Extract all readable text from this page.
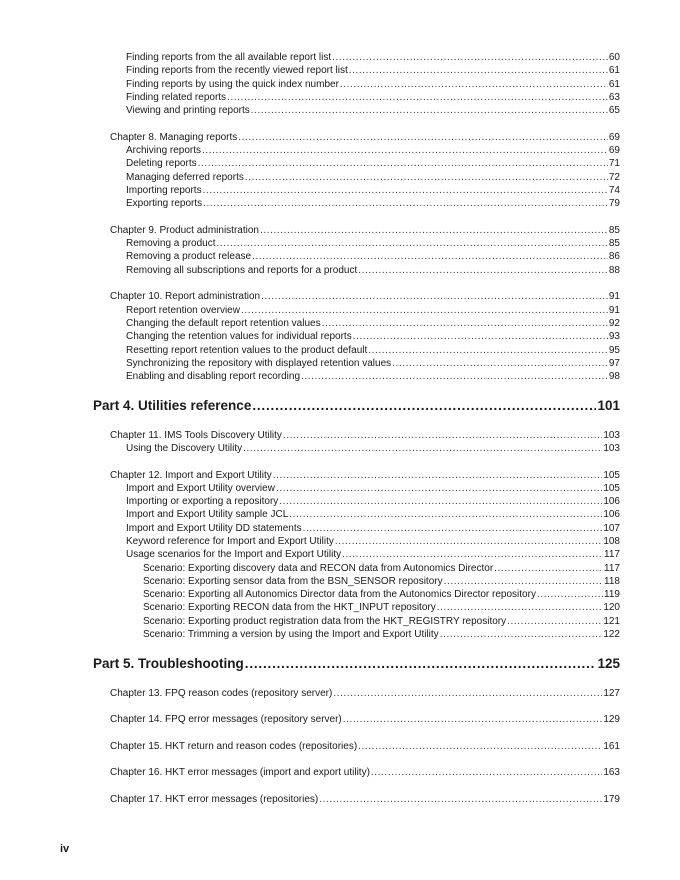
Finding reports from the all available report list .....	60
Finding reports from the recently viewed report list .....	61
Finding reports by using the quick index number .....	61
Finding related reports .....	63
Viewing and printing reports .....	65
Chapter 8. Managing reports .....	69
Archiving reports .....	69
Deleting reports .....	71
Managing deferred reports .....	72
Importing reports .....	74
Exporting reports .....	79
Chapter 9. Product administration .....	85
Removing a product .....	85
Removing a product release .....	86
Removing all subscriptions and reports for a product .....	88
Chapter 10. Report administration .....	91
Report retention overview .....	91
Changing the default report retention values .....	92
Changing the retention values for individual reports .....	93
Resetting report retention values to the product default .....	95
Synchronizing the repository with displayed retention values .....	97
Enabling and disabling report recording .....	98
Part 4. Utilities reference .....	101
Chapter 11. IMS Tools Discovery Utility .....	103
Using the Discovery Utility .....	103
Chapter 12. Import and Export Utility .....	105
Import and Export Utility overview .....	105
Importing or exporting a repository .....	106
Import and Export Utility sample JCL .....	106
Import and Export Utility DD statements .....	107
Keyword reference for Import and Export Utility .....	108
Usage scenarios for the Import and Export Utility .....	117
Scenario: Exporting discovery data and RECON data from Autonomics Director .....	117
Scenario: Exporting sensor data from the BSN_SENSOR repository .....	118
Scenario: Exporting all Autonomics Director data from the Autonomics Director repository .....	119
Scenario: Exporting RECON data from the HKT_INPUT repository .....	120
Scenario: Exporting product registration data from the HKT_REGISTRY repository .....	121
Scenario: Trimming a version by using the Import and Export Utility .....	122
Part 5. Troubleshooting .....	125
Chapter 13. FPQ reason codes (repository server) .....	127
Chapter 14. FPQ error messages (repository server) .....	129
Chapter 15. HKT return and reason codes (repositories) .....	161
Chapter 16. HKT error messages (import and export utility) .....	163
Chapter 17. HKT error messages (repositories) .....	179
iv
